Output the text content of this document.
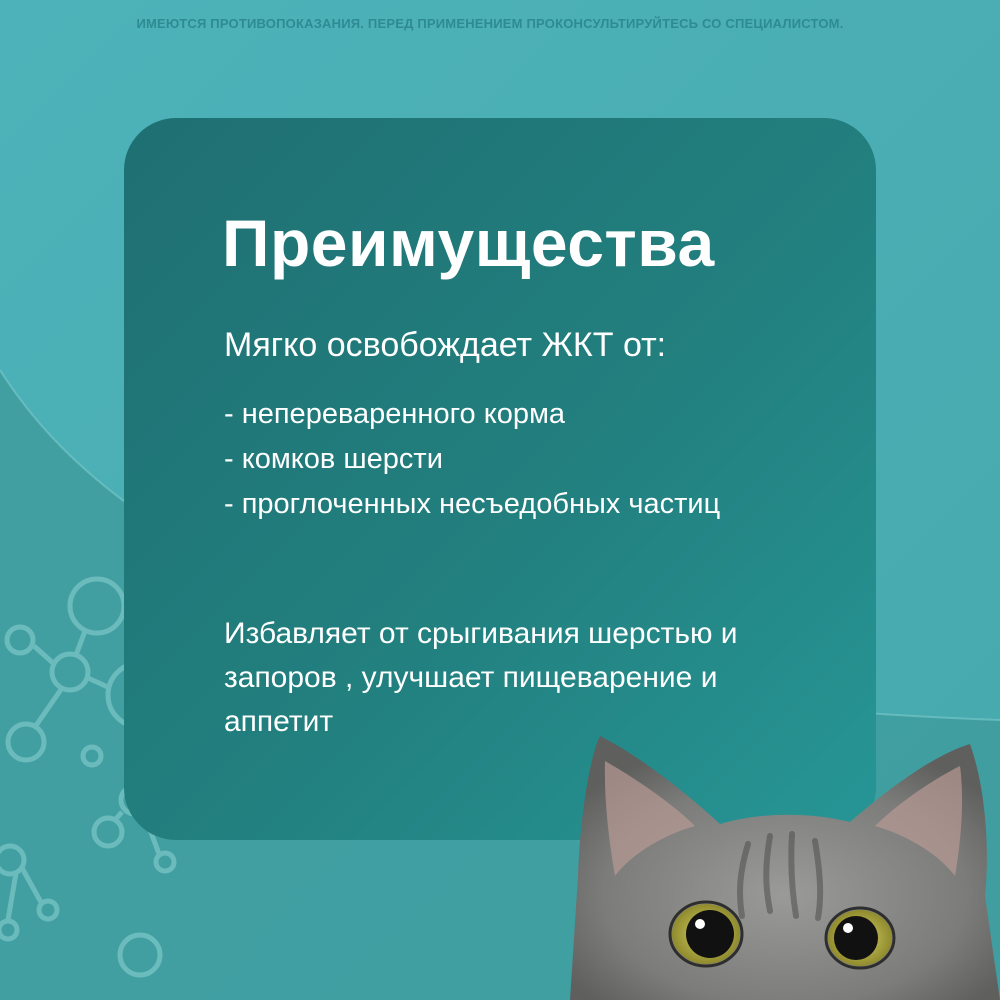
ИМЕЮТСЯ ПРОТИВОПОКАЗАНИЯ. ПЕРЕД ПРИМЕНЕНИЕМ ПРОКОНСУЛЬТИРУЙТЕСЬ СО СПЕЦИАЛИСТОМ.
Преимущества
Мягко освобождает ЖКТ от:
- непереваренного корма
- комков шерсти
- проглоченных несъедобных частиц
Избавляет от срыгивания шерстью и запоров , улучшает пищеварение и аппетит
